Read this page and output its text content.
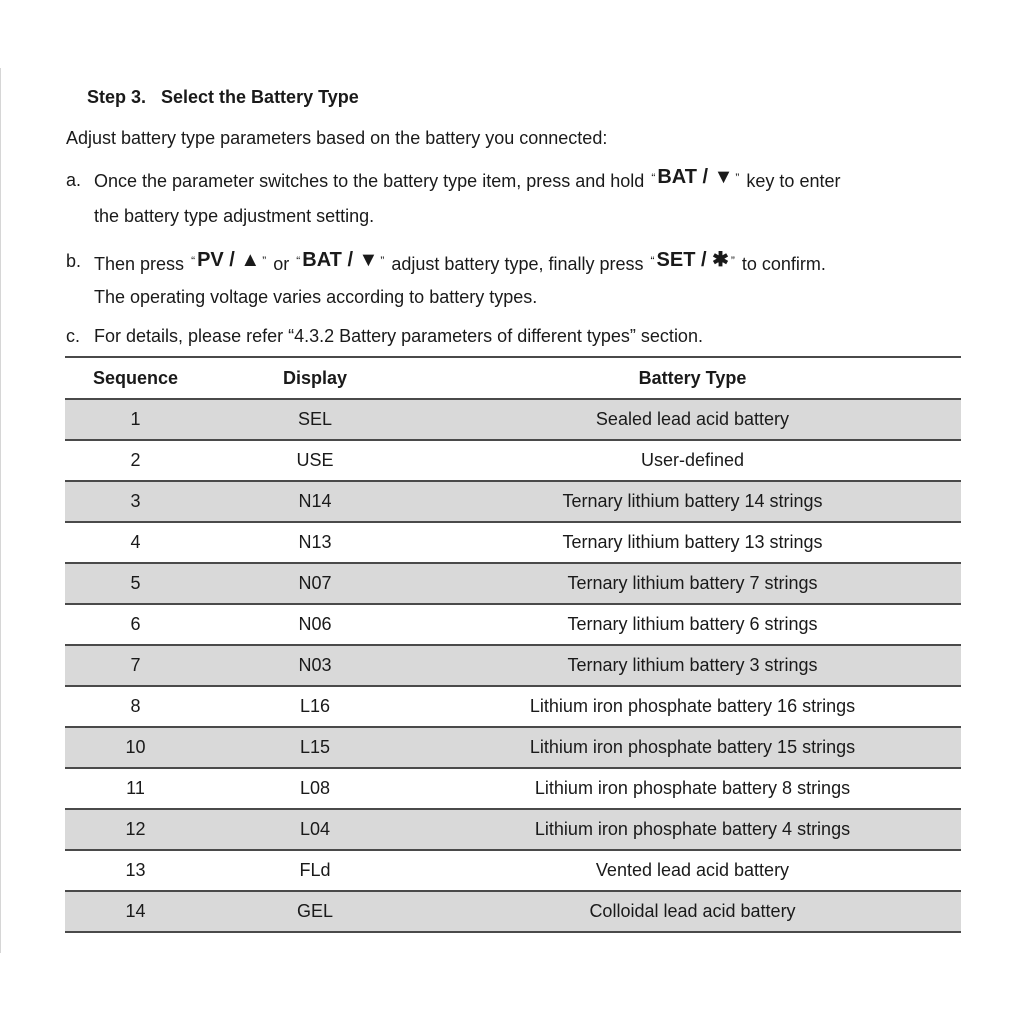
Step 3.   Select the Battery Type
Adjust battery type parameters based on the battery you connected:
a. Once the parameter switches to the battery type item, press and hold “ BAT / ▼ ” key to enter
the battery type adjustment setting.
b. Then press “ PV / ▲ ” or “ BAT / ▼ ” adjust battery type, finally press “ SET / ✱ ” to confirm.
The operating voltage varies according to battery types.
c. For details, please refer “4.3.2 Battery parameters of different types” section.
Sequence	Display	Battery Type
1	SEL	Sealed lead acid battery
2	USE	User-defined
3	N14	Ternary lithium battery 14 strings
4	N13	Ternary lithium battery 13 strings
5	N07	Ternary lithium battery 7 strings
6	N06	Ternary lithium battery 6 strings
7	N03	Ternary lithium battery 3 strings
8	L16	Lithium iron phosphate battery 16 strings
10	L15	Lithium iron phosphate battery 15 strings
11	L08	Lithium iron phosphate battery 8 strings
12	L04	Lithium iron phosphate battery 4 strings
13	FLd	Vented lead acid battery
14	GEL	Colloidal lead acid battery
